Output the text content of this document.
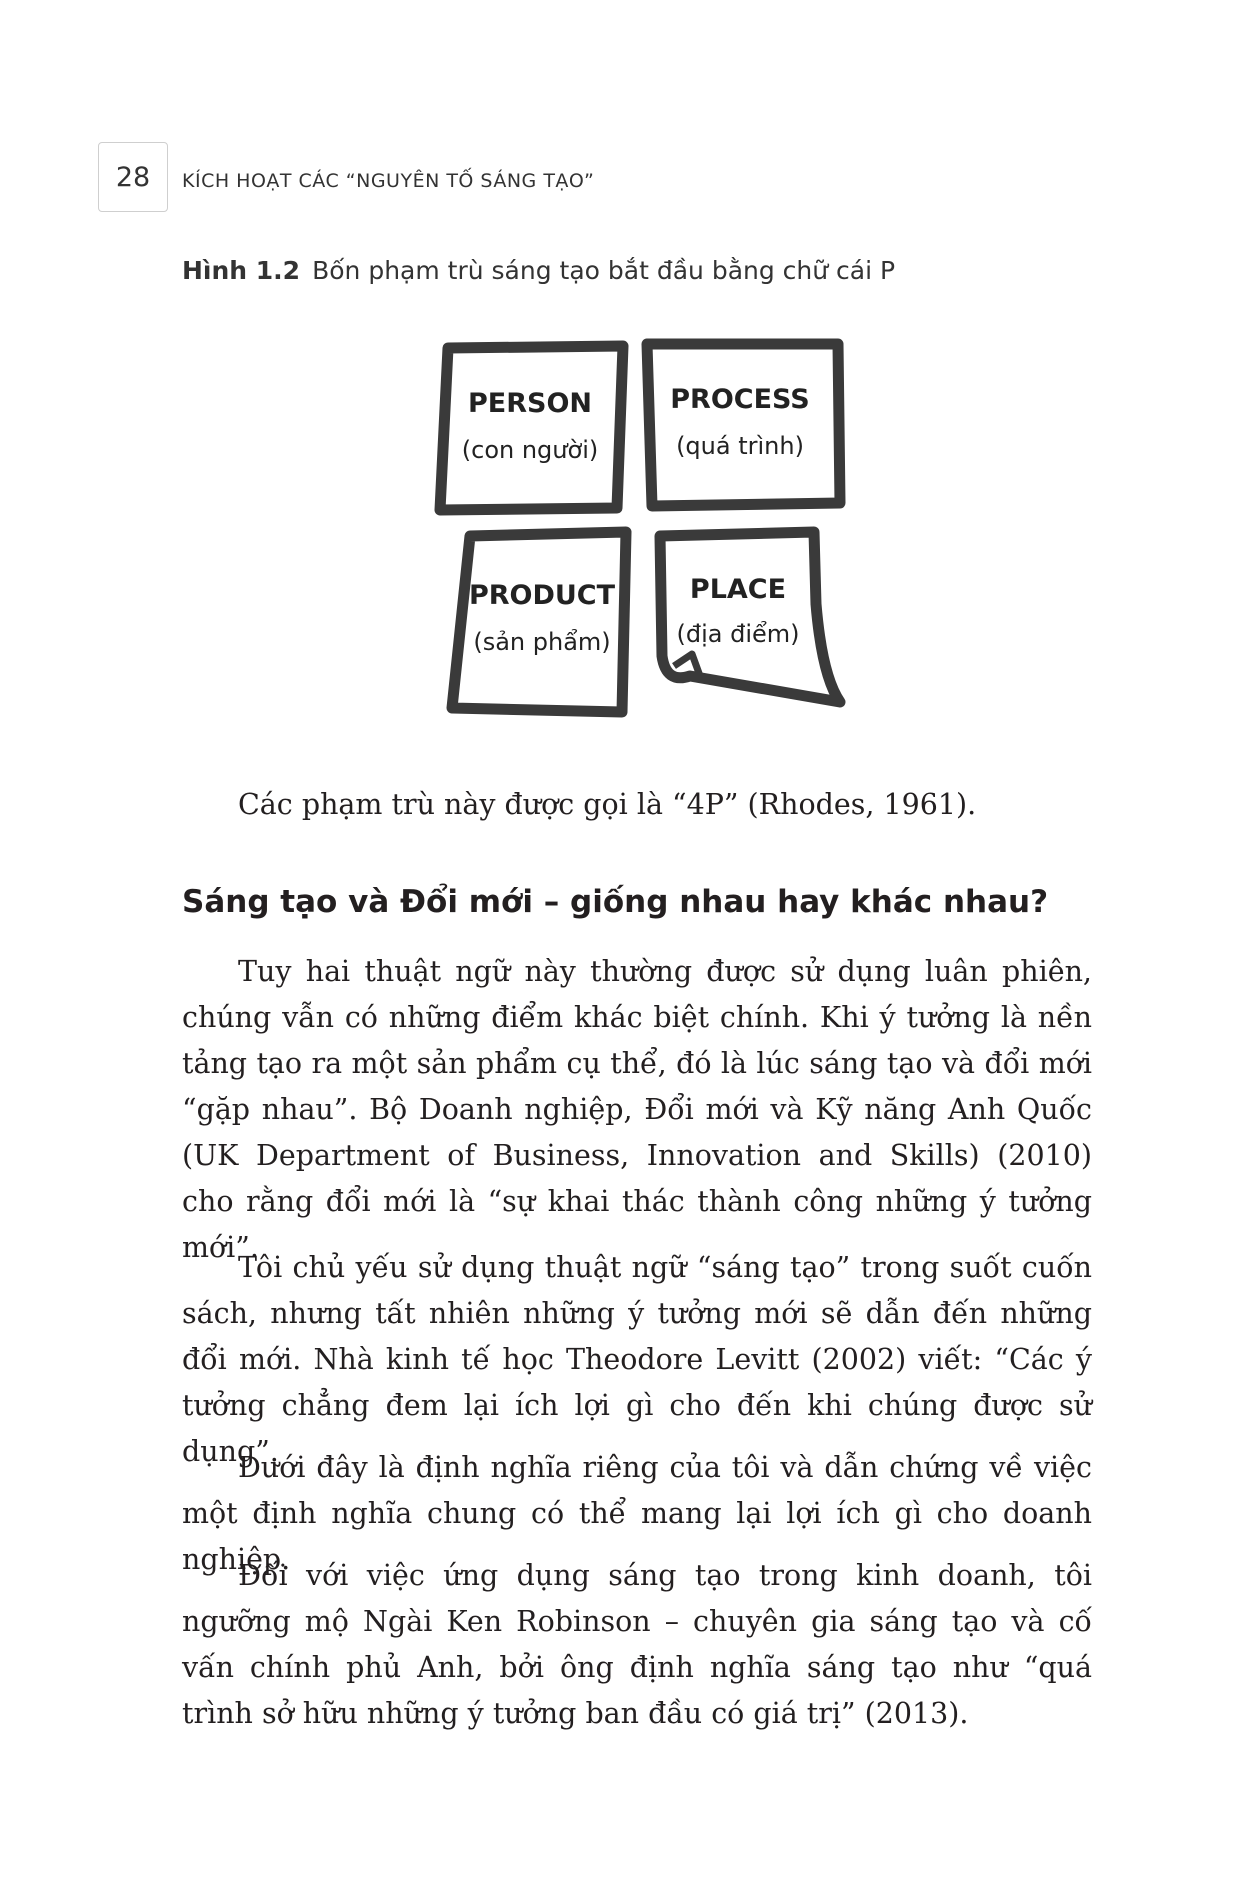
28	KÍCH HOẠT CÁC “NGUYÊN TỐ SÁNG TẠO”
Hình 1.2 Bốn phạm trù sáng tạo bắt đầu bằng chữ cái P
PERSON
(con người)
PROCESS
(quá trình)
PRODUCT
(sản phẩm)
PLACE
(địa điểm)

Các phạm trù này được gọi là “4P” (Rhodes, 1961).

Sáng tạo và Đổi mới – giống nhau hay khác nhau?

Tuy hai thuật ngữ này thường được sử dụng luân phiên, chúng vẫn có những điểm khác biệt chính. Khi ý tưởng là nền tảng tạo ra một sản phẩm cụ thể, đó là lúc sáng tạo và đổi mới “gặp nhau”. Bộ Doanh nghiệp, Đổi mới và Kỹ năng Anh Quốc (UK Department of Business, Innovation and Skills) (2010) cho rằng đổi mới là “sự khai thác thành công những ý tưởng mới”.

Tôi chủ yếu sử dụng thuật ngữ “sáng tạo” trong suốt cuốn sách, nhưng tất nhiên những ý tưởng mới sẽ dẫn đến những đổi mới. Nhà kinh tế học Theodore Levitt (2002) viết: “Các ý tưởng chẳng đem lại ích lợi gì cho đến khi chúng được sử dụng”.

Dưới đây là định nghĩa riêng của tôi và dẫn chứng về việc một định nghĩa chung có thể mang lại lợi ích gì cho doanh nghiệp.

Đối với việc ứng dụng sáng tạo trong kinh doanh, tôi ngưỡng mộ Ngài Ken Robinson – chuyên gia sáng tạo và cố vấn chính phủ Anh, bởi ông định nghĩa sáng tạo như “quá trình sở hữu những ý tưởng ban đầu có giá trị” (2013).
